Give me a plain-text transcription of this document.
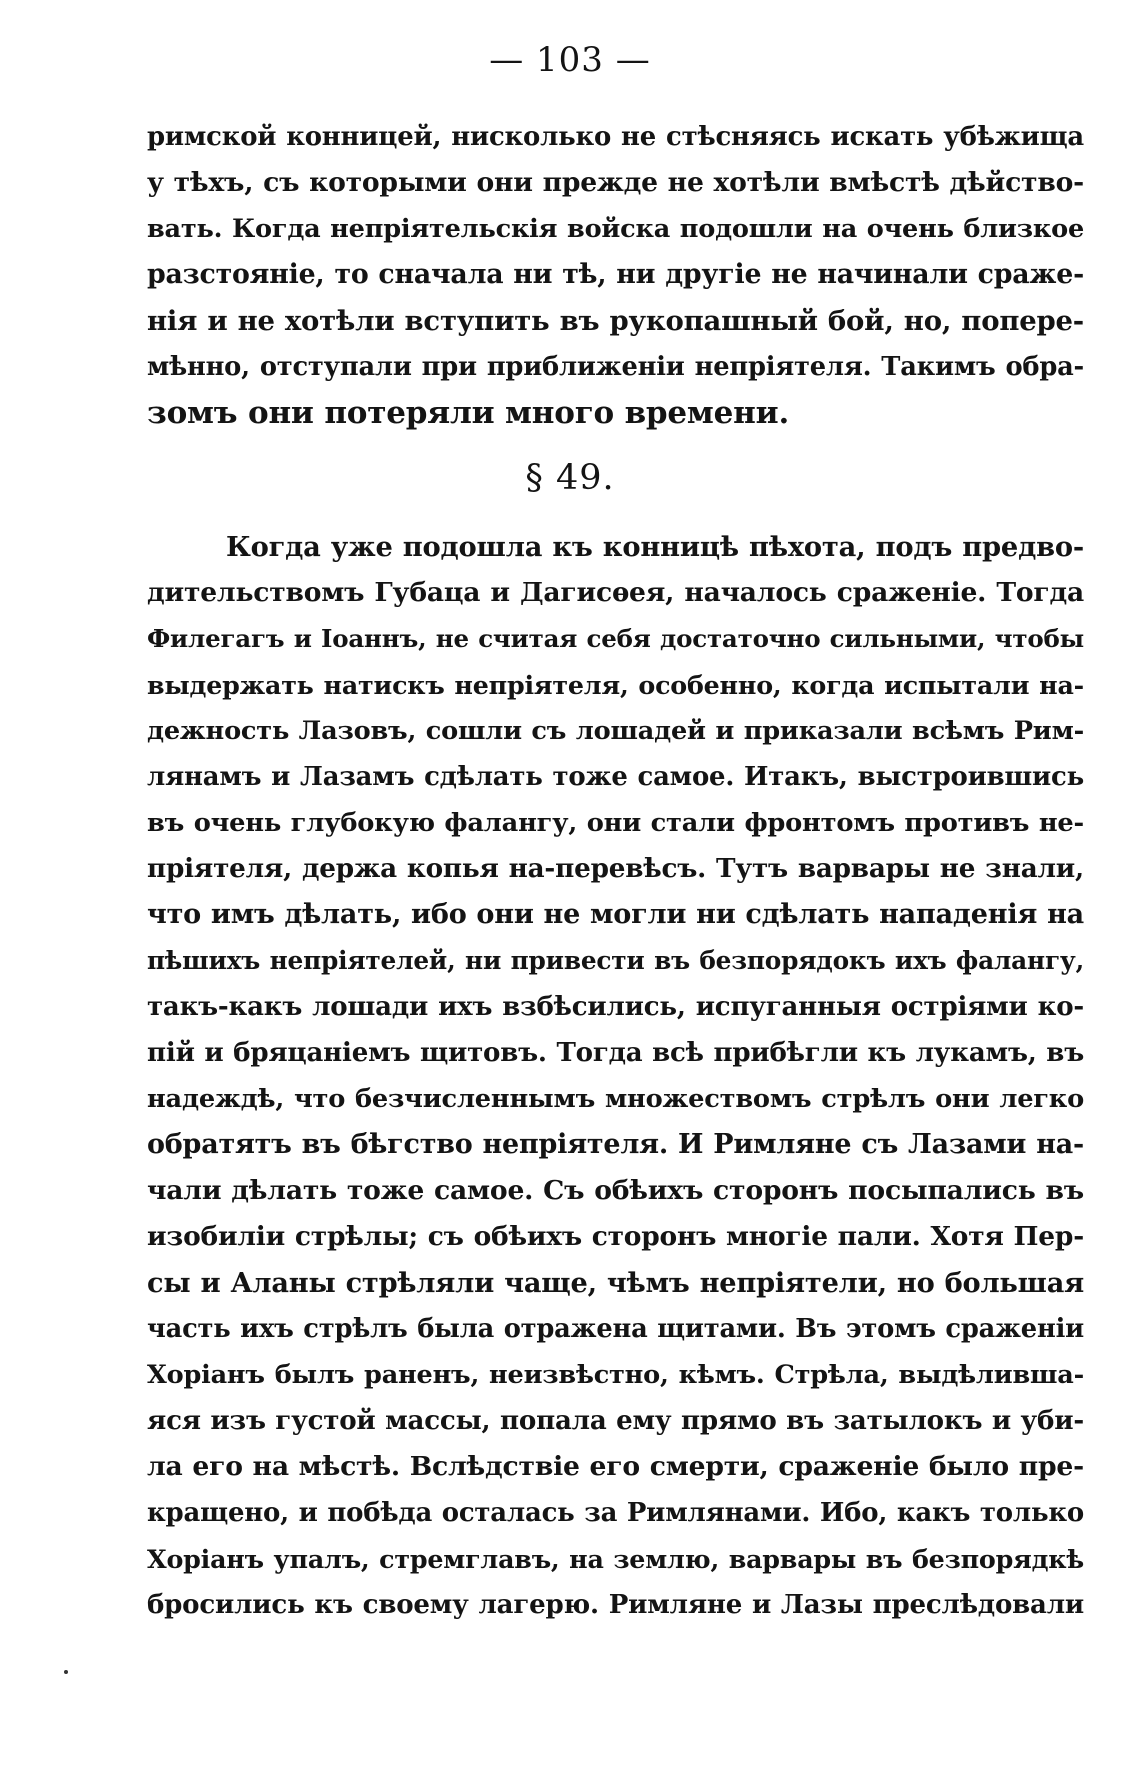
— 103 —
римской конницей, нисколько не стѣсняясь искать убѣжища
у тѣхъ, съ которыми они прежде не хотѣли вмѣстѣ дѣйство-
вать. Когда непріятельскія войска подошли на очень близкое
разстояніе, то сначала ни тѣ, ни другіе не начинали сраже-
нія и не хотѣли вступить въ рукопашный бой, но, попере-
мѣнно, отступали при приближеніи непріятеля. Такимъ обра-
зомъ они потеряли много времени.
§ 49.
Когда уже подошла къ конницѣ пѣхота, подъ предво-
дительствомъ Губаца и Дагисѳея, началось сраженіе. Тогда
Филегагъ и Іоаннъ, не считая себя достаточно сильными, чтобы
выдержать натискъ непріятеля, особенно, когда испытали на-
дежность Лазовъ, сошли съ лошадей и приказали всѣмъ Рим-
лянамъ и Лазамъ сдѣлать тоже самое. Итакъ, выстроившись
въ очень глубокую фалангу, они стали фронтомъ противъ не-
пріятеля, держа копья на-перевѣсъ. Тутъ варвары не знали,
что имъ дѣлать, ибо они не могли ни сдѣлать нападенія на
пѣшихъ непріятелей, ни привести въ безпорядокъ ихъ фалангу,
такъ-какъ лошади ихъ взбѣсились, испуганныя остріями ко-
пій и бряцаніемъ щитовъ. Тогда всѣ прибѣгли къ лукамъ, въ
надеждѣ, что безчисленнымъ множествомъ стрѣлъ они легко
обратятъ въ бѣгство непріятеля. И Римляне съ Лазами на-
чали дѣлать тоже самое. Съ обѣихъ сторонъ посыпались въ
изобиліи стрѣлы; съ обѣихъ сторонъ многіе пали. Хотя Пер-
сы и Аланы стрѣляли чаще, чѣмъ непріятели, но большая
часть ихъ стрѣлъ была отражена щитами. Въ этомъ сраженіи
Хоріанъ былъ раненъ, неизвѣстно, кѣмъ. Стрѣла, выдѣлившa-
яся изъ густой массы, попала ему прямо въ затылокъ и уби-
ла его на мѣстѣ. Вслѣдствіе его смерти, сраженіе было пре-
кращено, и побѣда осталась за Римлянами. Ибо, какъ только
Хоріанъ упалъ, стремглавъ, на землю, варвары въ безпорядкѣ
бросились къ своему лагерю. Римляне и Лазы преслѣдовали
